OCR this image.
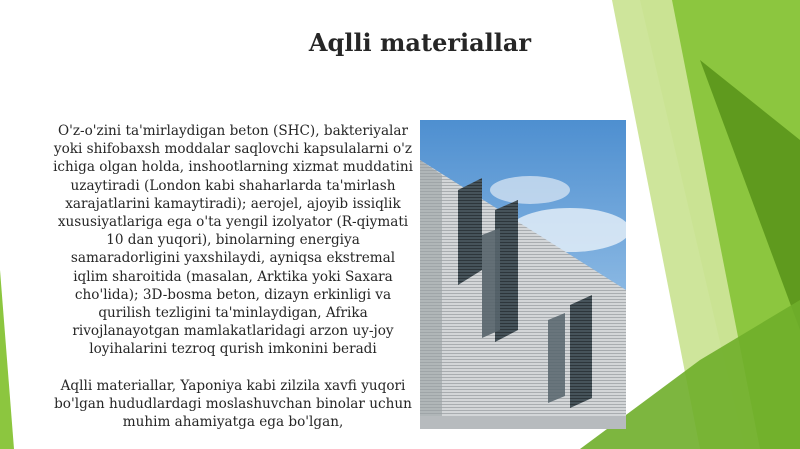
Aqlli materiallar

O'z-o'zini ta'mirlaydigan beton (SHC), bakteriyalar yoki shifobaxsh moddalar saqlovchi kapsulalarni o'z ichiga olgan holda, inshootlarning xizmat muddatini uzaytiradi (London kabi shaharlarda ta'mirlash xarajatlarini kamaytiradi); aerojel, ajoyib issiqlik xususiyatlariga ega o'ta yengil izolyator (R-qiymati 10 dan yuqori), binolarning energiya samaradorligini yaxshilaydi, ayniqsa ekstremal iqlim sharoitida (masalan, Arktika yoki Saxara cho'lida); 3D-bosma beton, dizayn erkinligi va qurilish tezligini ta'minlaydigan, Afrika rivojlanayotgan mamlakatlaridagi arzon uy-joy loyihalarini tezroq qurish imkonini beradi

Aqlli materiallar, Yaponiya kabi zilzila xavfi yuqori bo'lgan hududlardagi moslashuvchan binolar uchun muhim ahamiyatga ega bo'lgan,
